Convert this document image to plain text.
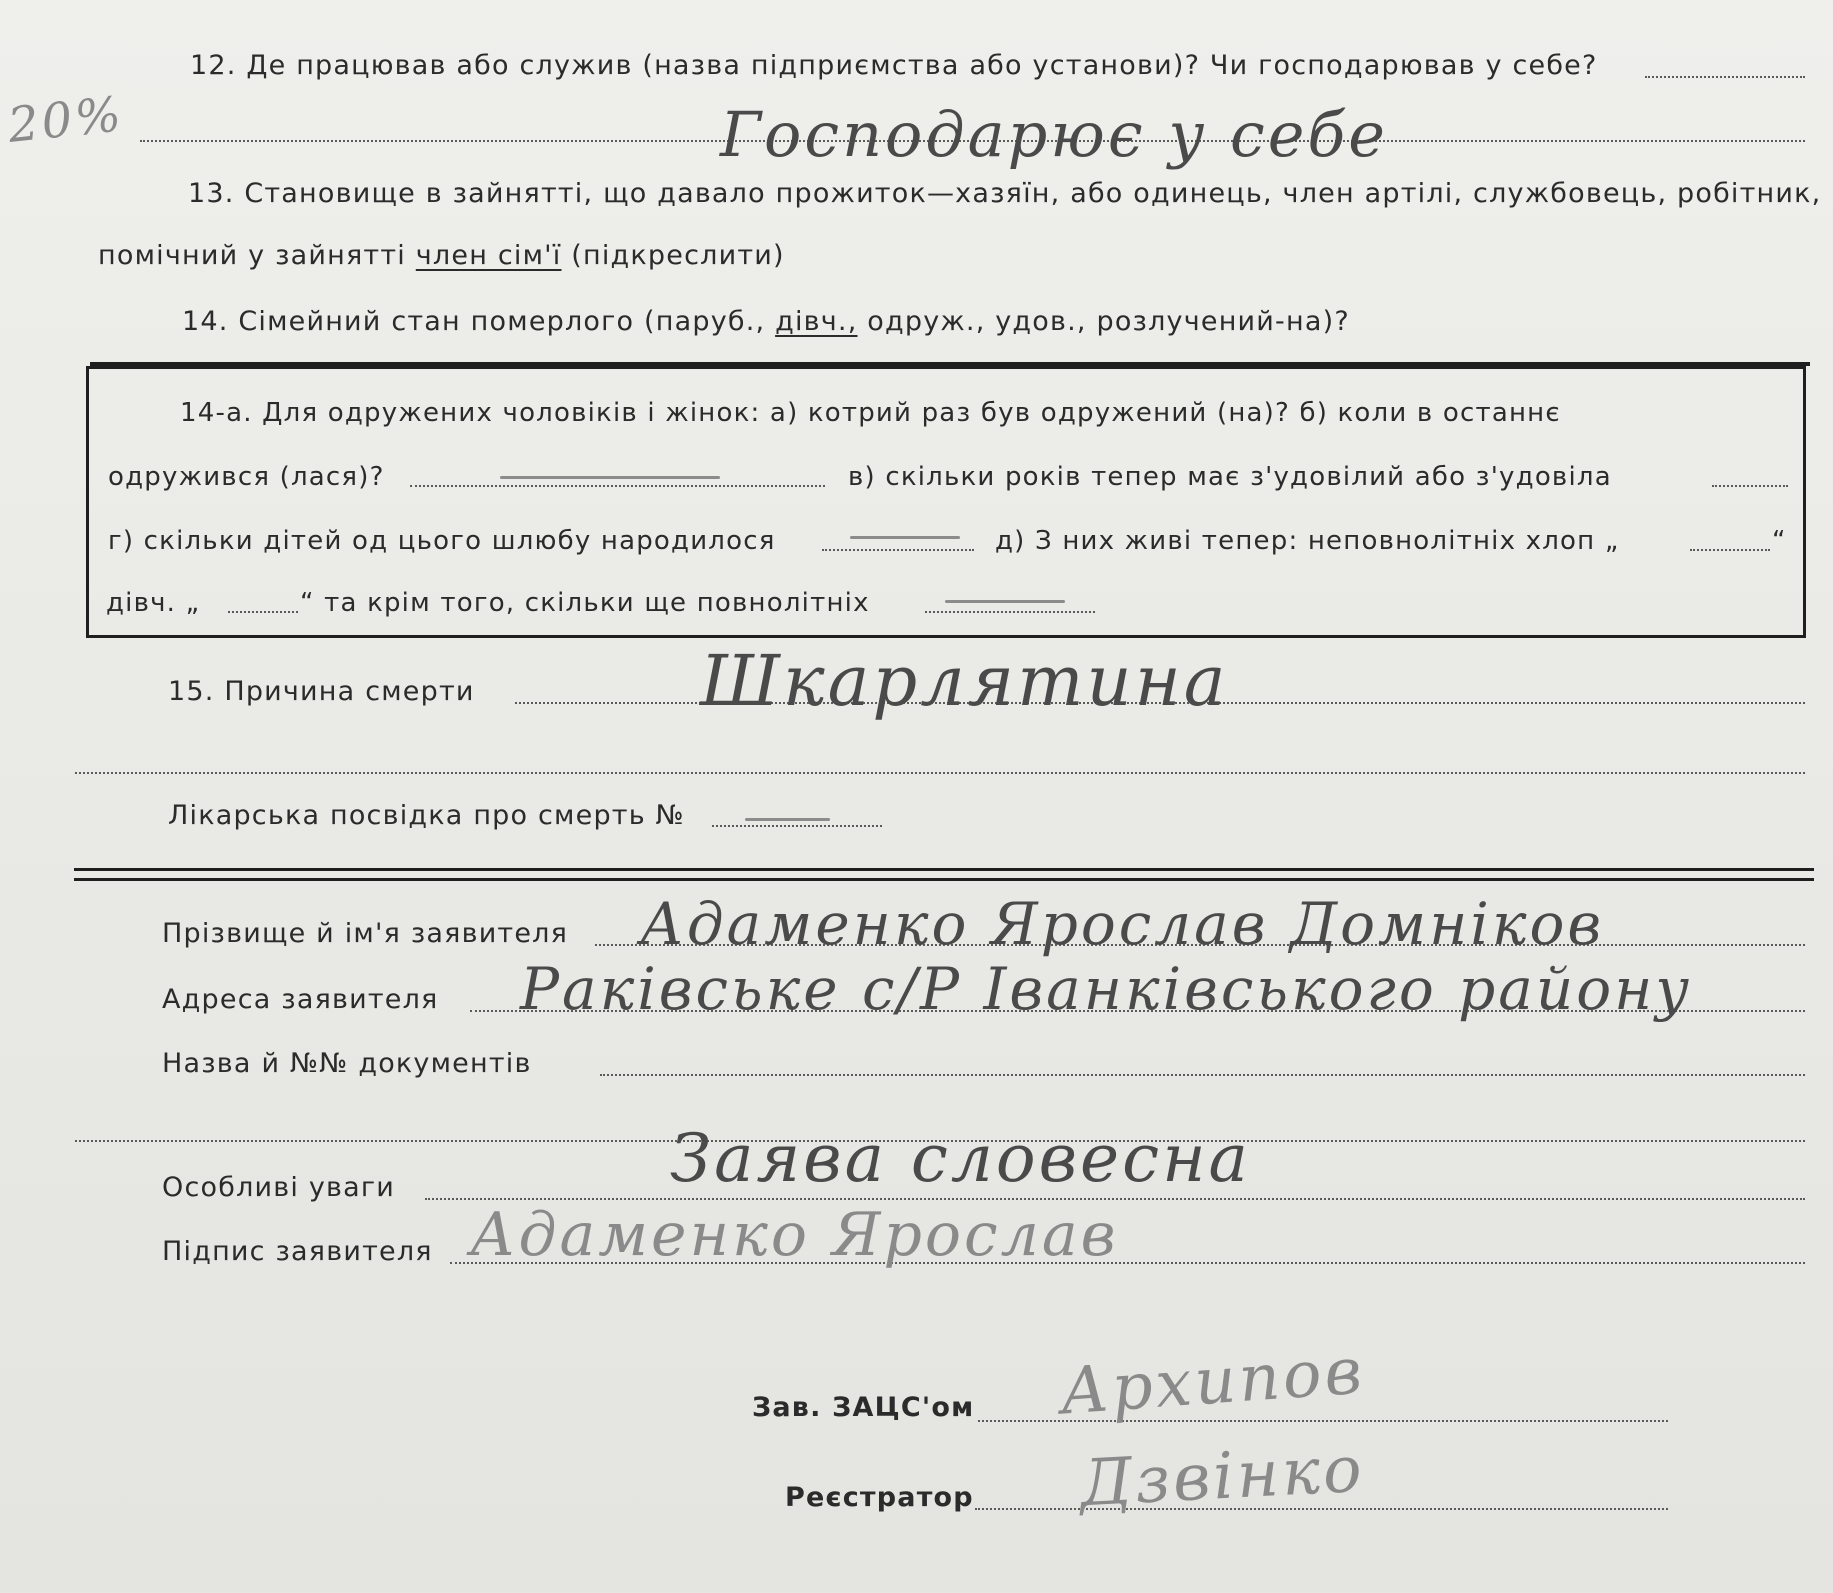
20%
12. Де працював або служив (назва підприємства або установи)? Чи господарював у себе?
Господарює у себе
13. Становище в зайнятті, що давало прожиток—хазяїн, або одинець, член артілі, службовець, робітник,
помічний у зайнятті член сім'ї (підкреслити)
14. Сімейний стан померлого (паруб., дівч., одруж., удов., розлучений-на)?
14-а. Для одружених чоловіків і жінок: а) котрий раз був одружений (на)? б) коли в останнє
одружився (лася)?	в) скільки років тепер має з'удовілий або з'удовіла
г) скільки дітей од цього шлюбу народилося	д) З них живі тепер: неповнолітніх хлоп „	“
дівч. „	“ та крім того, скільки ще повнолітніх
15. Причина смерти	Шкарлятина
Лікарська посвідка про смерть №
Прізвище й ім'я заявителя Адаменко Ярослав Домніков
Адреса заявителя Раківське с/Р Іванківського району
Назва й №№ документів
Особливі уваги	Заява словесна
Підпис заявителя Адаменко Ярослав
Зав. ЗАЦС'ом Архипов
Реєстратор Дзвінко
